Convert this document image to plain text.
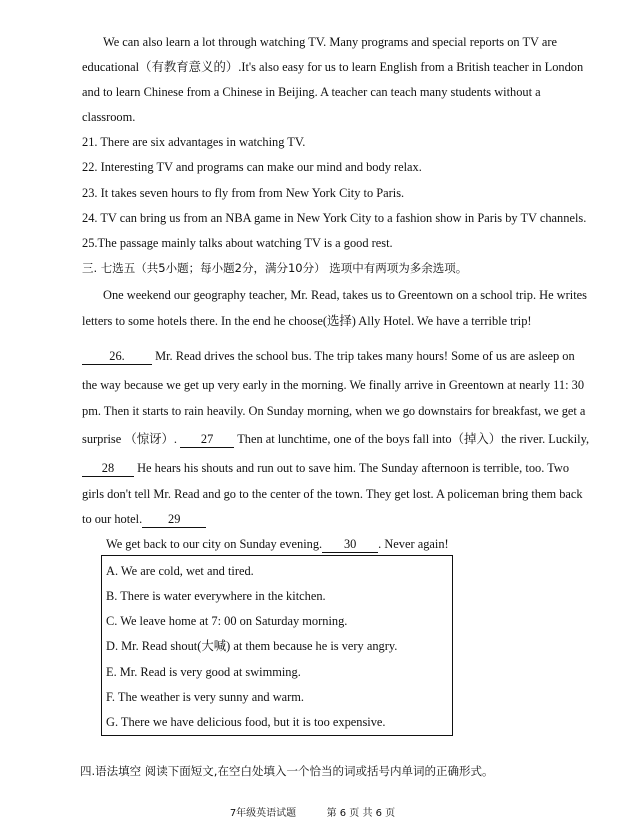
We can also learn a lot through watching TV. Many programs and special reports on TV are
educational（有教育意义的）.It's also easy for us to learn English from a British teacher in London
and to learn Chinese from a Chinese in Beijing. A teacher can teach many students without a
classroom.
21. There are six advantages in watching TV.
22. Interesting TV and programs can make our mind and body relax.
23. It takes seven hours to fly from from New York City to Paris.
24. TV can bring us from an NBA game in New York City to a fashion show in Paris by TV channels.
25.The passage mainly talks about watching TV is a good rest.
三. 七选五（共5小题；每小题2分，满分10分） 选项中有两项为多余选项。
One weekend our geography teacher, Mr. Read, takes us to Greentown on a school trip. He writes
letters to some hotels there. In the end he choose(选择) Ally Hotel. We have a terrible trip!
26. Mr. Read drives the school bus. The trip takes many hours! Some of us are asleep on
the way because we get up very early in the morning. We finally arrive in Greentown at nearly 11: 30
pm. Then it starts to rain heavily. On Sunday morning, when we go downstairs for breakfast, we get a
surprise （惊讶）. 27 Then at lunchtime, one of the boys fall into（掉入）the river. Luckily,
28 He hears his shouts and run out to save him. The Sunday afternoon is terrible, too. Two
girls don't tell Mr. Read and go to the center of the town. They get lost. A policeman bring them back
to our hotel. 29
We get back to our city on Sunday evening. 30 . Never again!
A. We are cold, wet and tired.
B. There is water everywhere in the kitchen.
C. We leave home at 7: 00 on Saturday morning.
D. Mr. Read shout(大喊) at them because he is very angry.
E. Mr. Read is very good at swimming.
F. The weather is very sunny and warm.
G. There we have delicious food, but it is too expensive.
四.语法填空 阅读下面短文,在空白处填入一个恰当的词或括号内单词的正确形式。
7年级英语试题	第 6 页 共 6 页
